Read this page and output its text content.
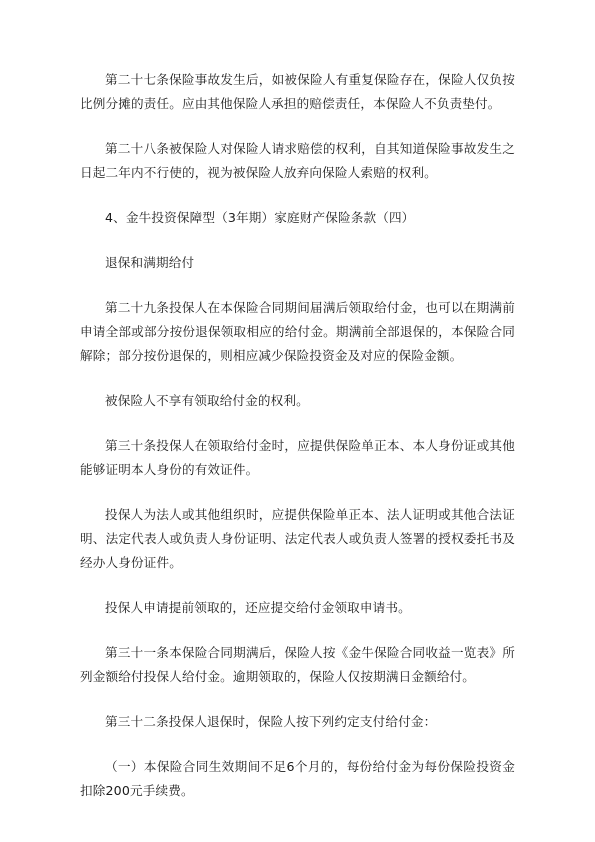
第二十七条保险事故发生后，如被保险人有重复保险存在，保险人仅负按比例分摊的责任。应由其他保险人承担的赔偿责任，本保险人不负责垫付。

第二十八条被保险人对保险人请求赔偿的权利，自其知道保险事故发生之日起二年内不行使的，视为被保险人放弃向保险人索赔的权利。

4、金牛投资保障型（3年期）家庭财产保险条款（四）

退保和满期给付

第二十九条投保人在本保险合同期间届满后领取给付金，也可以在期满前申请全部或部分按份退保领取相应的给付金。期满前全部退保的，本保险合同解除；部分按份退保的，则相应减少保险投资金及对应的保险金额。

被保险人不享有领取给付金的权利。

第三十条投保人在领取给付金时，应提供保险单正本、本人身份证或其他能够证明本人身份的有效证件。

投保人为法人或其他组织时，应提供保险单正本、法人证明或其他合法证明、法定代表人或负责人身份证明、法定代表人或负责人签署的授权委托书及经办人身份证件。

投保人申请提前领取的，还应提交给付金领取申请书。

第三十一条本保险合同期满后，保险人按《金牛保险合同收益一览表》所列金额给付投保人给付金。逾期领取的，保险人仅按期满日金额给付。

第三十二条投保人退保时，保险人按下列约定支付给付金：

（一）本保险合同生效期间不足6个月的，每份给付金为每份保险投资金扣除200元手续费。
